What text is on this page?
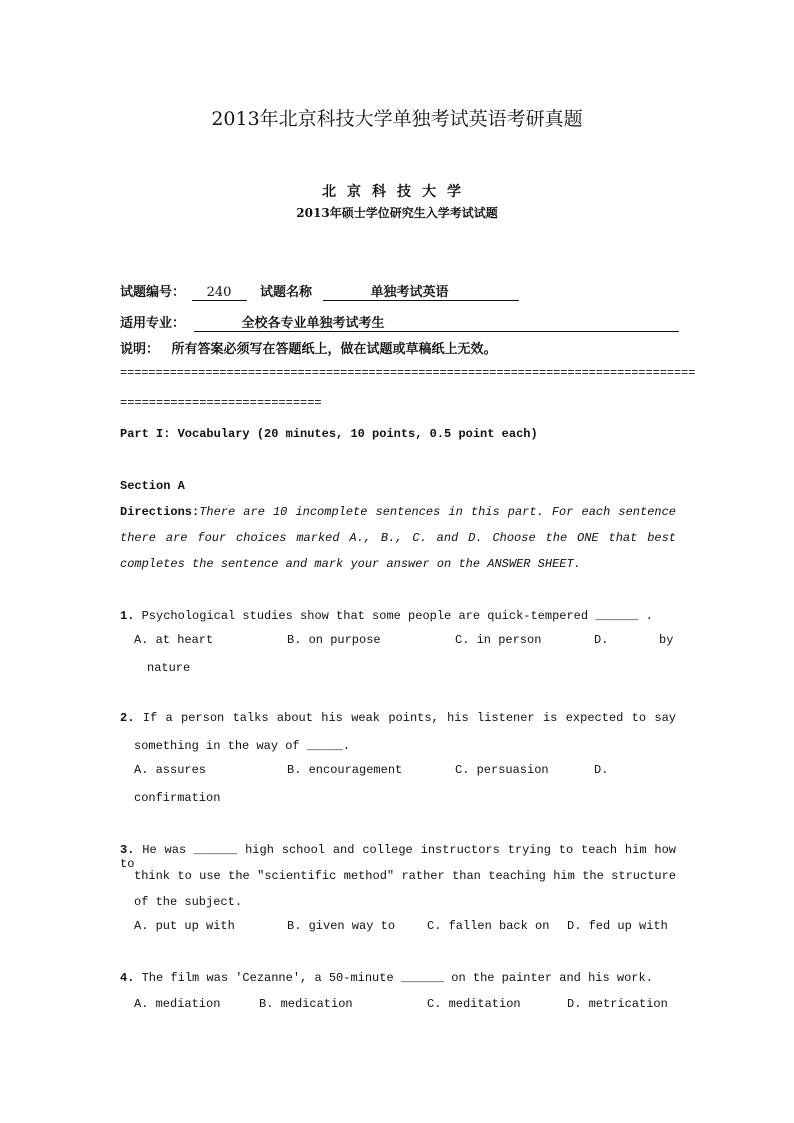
2013年北京科技大学单独考试英语考研真题
北京科技大学
2013年硕士学位研究生入学考试试题
试题编号： 240	试题名称	单独考试英语
适用专业：	全校各专业单独考试考生
说明： 所有答案必须写在答题纸上，做在试题或草稿纸上无效。
=================================================================================
============================
Part I: Vocabulary (20 minutes, 10 points, 0.5 point each)
Section A
Directions:There are 10 incomplete sentences in this part. For each sentence
there are four choices marked A., B., C. and D. Choose the ONE that best
completes the sentence and mark your answer on the ANSWER SHEET.
1. Psychological studies show that some people are quick-tempered ______ .
A. at heart	B. on purpose	C. in person	D.	by
nature
2. If a person talks about his weak points, his listener is expected to say
something in the way of _____.
A. assures	B. encouragement	C. persuasion	D.
confirmation
3. He was ______ high school and college instructors trying to teach him how to
think to use the "scientific method" rather than teaching him the structure
of the subject.
A. put up with	B. given way to	C. fallen back on D. fed up with
4. The film was 'Cezanne', a 50-minute ______ on the painter and his work.
A. mediation	B. medication	C. meditation	D. metrication
